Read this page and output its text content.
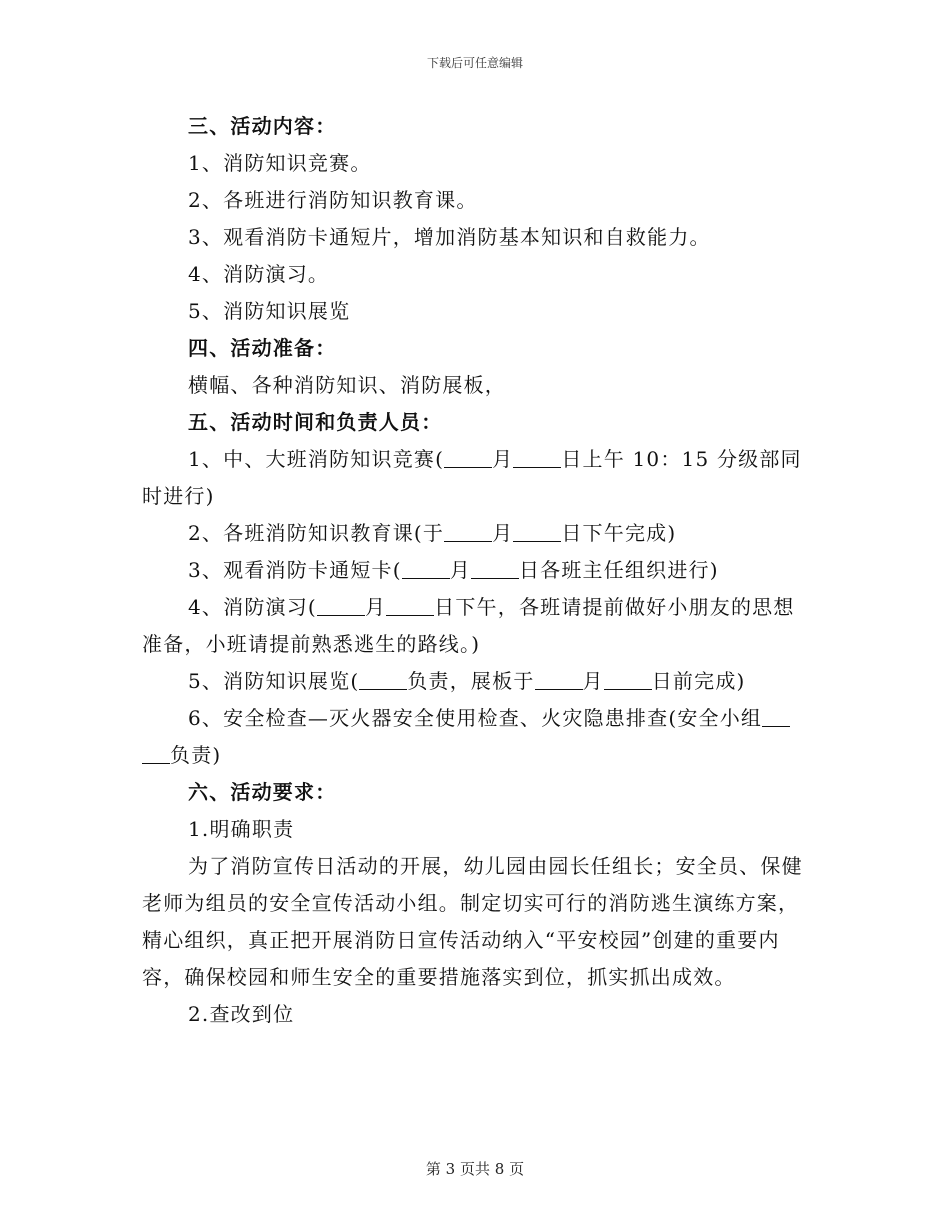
下载后可任意编辑

三、活动内容：

1、消防知识竞赛。

2、各班进行消防知识教育课。

3、观看消防卡通短片，增加消防基本知识和自救能力。

4、消防演习。

5、消防知识展览

四、活动准备：

横幅、各种消防知识、消防展板，

五、活动时间和负责人员：

1、中、大班消防知识竞赛( 月 日上午 10：15 分级部同时进行)

2、各班消防知识教育课(于 月 日下午完成)

3、观看消防卡通短卡( 月 日各班主任组织进行)

4、消防演习( 月 日下午，各班请提前做好小朋友的思想准备，小班请提前熟悉逃生的路线。)

5、消防知识展览( 负责，展板于 月 日前完成)

6、安全检查—灭火器安全使用检查、火灾隐患排查(安全小组负责)

六、活动要求：

1.明确职责

为了消防宣传日活动的开展，幼儿园由园长任组长；安全员、保健老师为组员的安全宣传活动小组。制定切实可行的消防逃生演练方案，精心组织，真正把开展消防日宣传活动纳入“平安校园”创建的重要内容，确保校园和师生安全的重要措施落实到位，抓实抓出成效。

2.查改到位

第 3 页共 8 页
